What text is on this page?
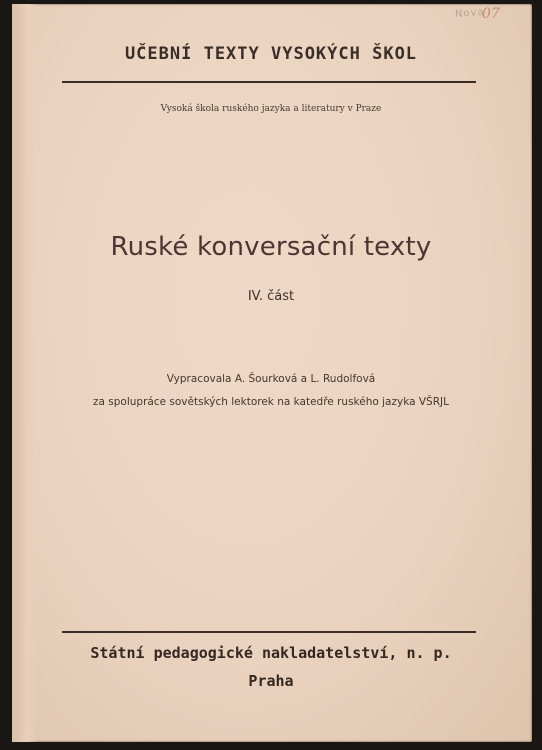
Nova
07
UČEBNÍ TEXTY VYSOKÝCH ŠKOL
Vysoká škola ruského jazyka a literatury v Praze
Ruské konversační texty
IV. část
Vypracovala A. Šourková a L. Rudolfová
za spolupráce sovětských lektorek na katedře ruského jazyka VŠRJL
Státní pedagogické nakladatelství, n. p.
Praha
